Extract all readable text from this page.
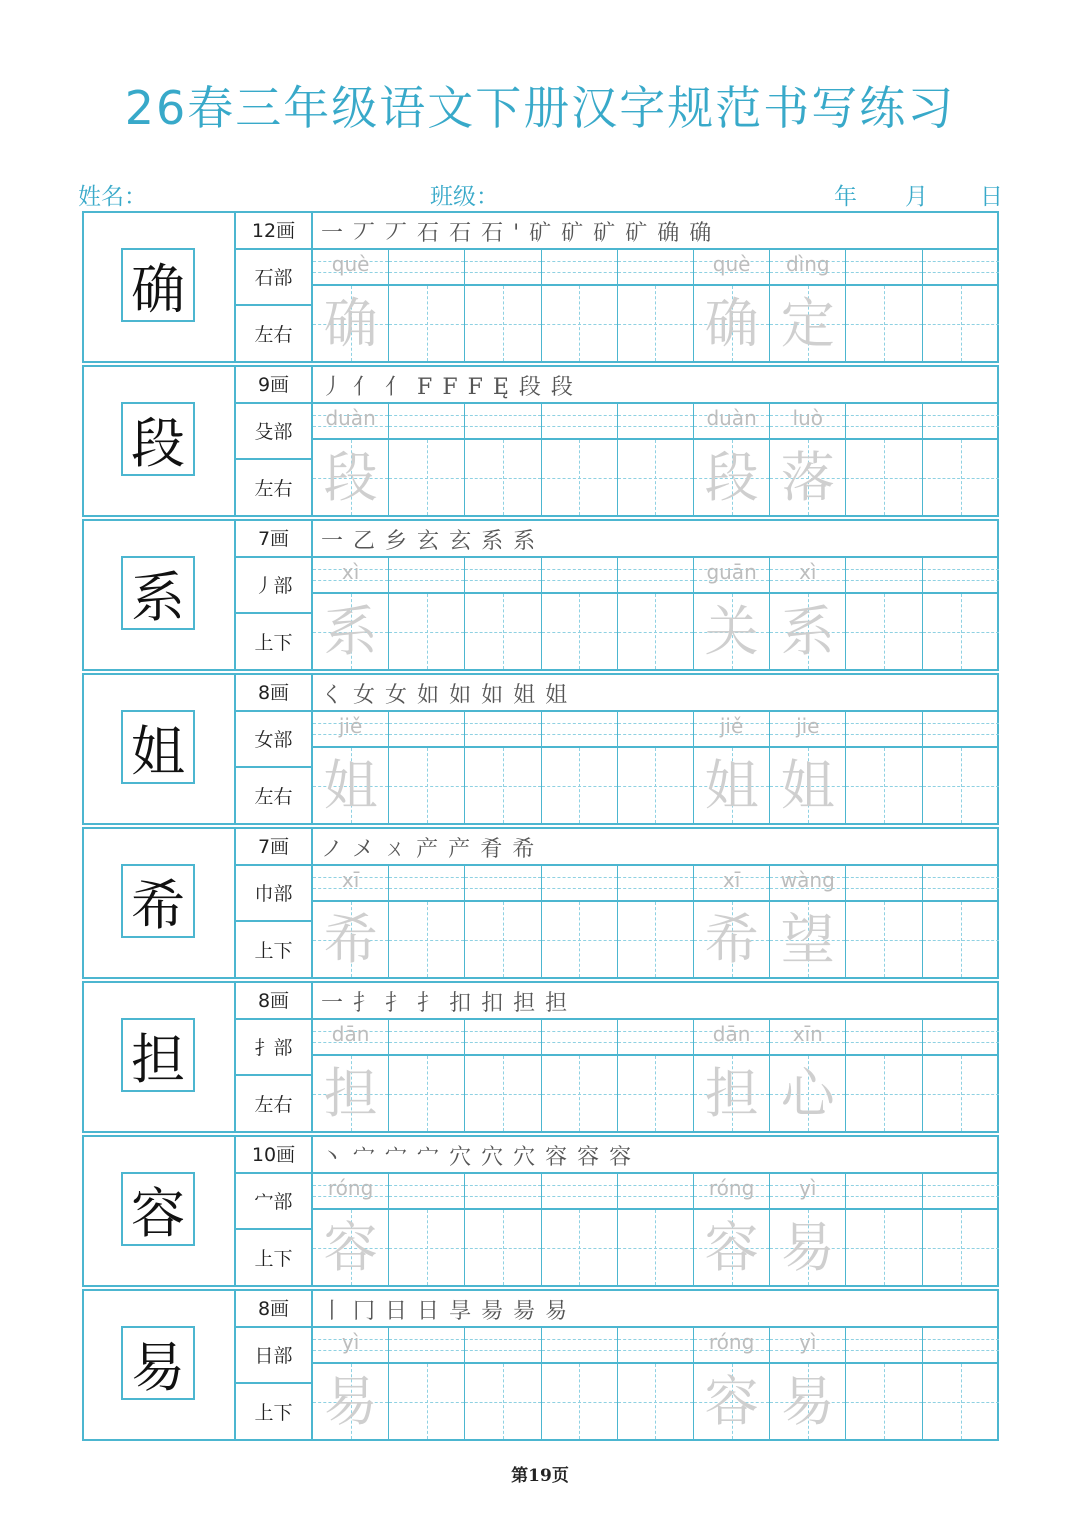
26春三年级语文下册汉字规范书写练习
姓名：	班级：	年 月 日
确
12画
石部
左右
一丆丆石石石'矿矿矿矿确确
què
确
què
确
dìng
定
段
9画
殳部
左右
丿亻亻FFFĘ段段
duàn
段
duàn
段
luò
落
系
7画
丿部
上下
一乙乡玄玄系系
xì
系
guān
关
xì
系
姐
8画
女部
左右
く女女如如如姐姐
jiě
姐
jiě
姐
jie
姐
希
7画
巾部
上下
ノメㄨ产产肴希
xī
希
xī
希
wàng
望
担
8画
扌部
左右
一扌扌扌扣扣担担
dān
担
dān
担
xīn
心
容
10画
宀部
上下
丶宀宀宀穴穴穴容容容
róng
容
róng
容
yì
易
易
8画
日部
上下
丨冂日日㫗昜昜易
yì
易
róng
容
yì
易
第19页
